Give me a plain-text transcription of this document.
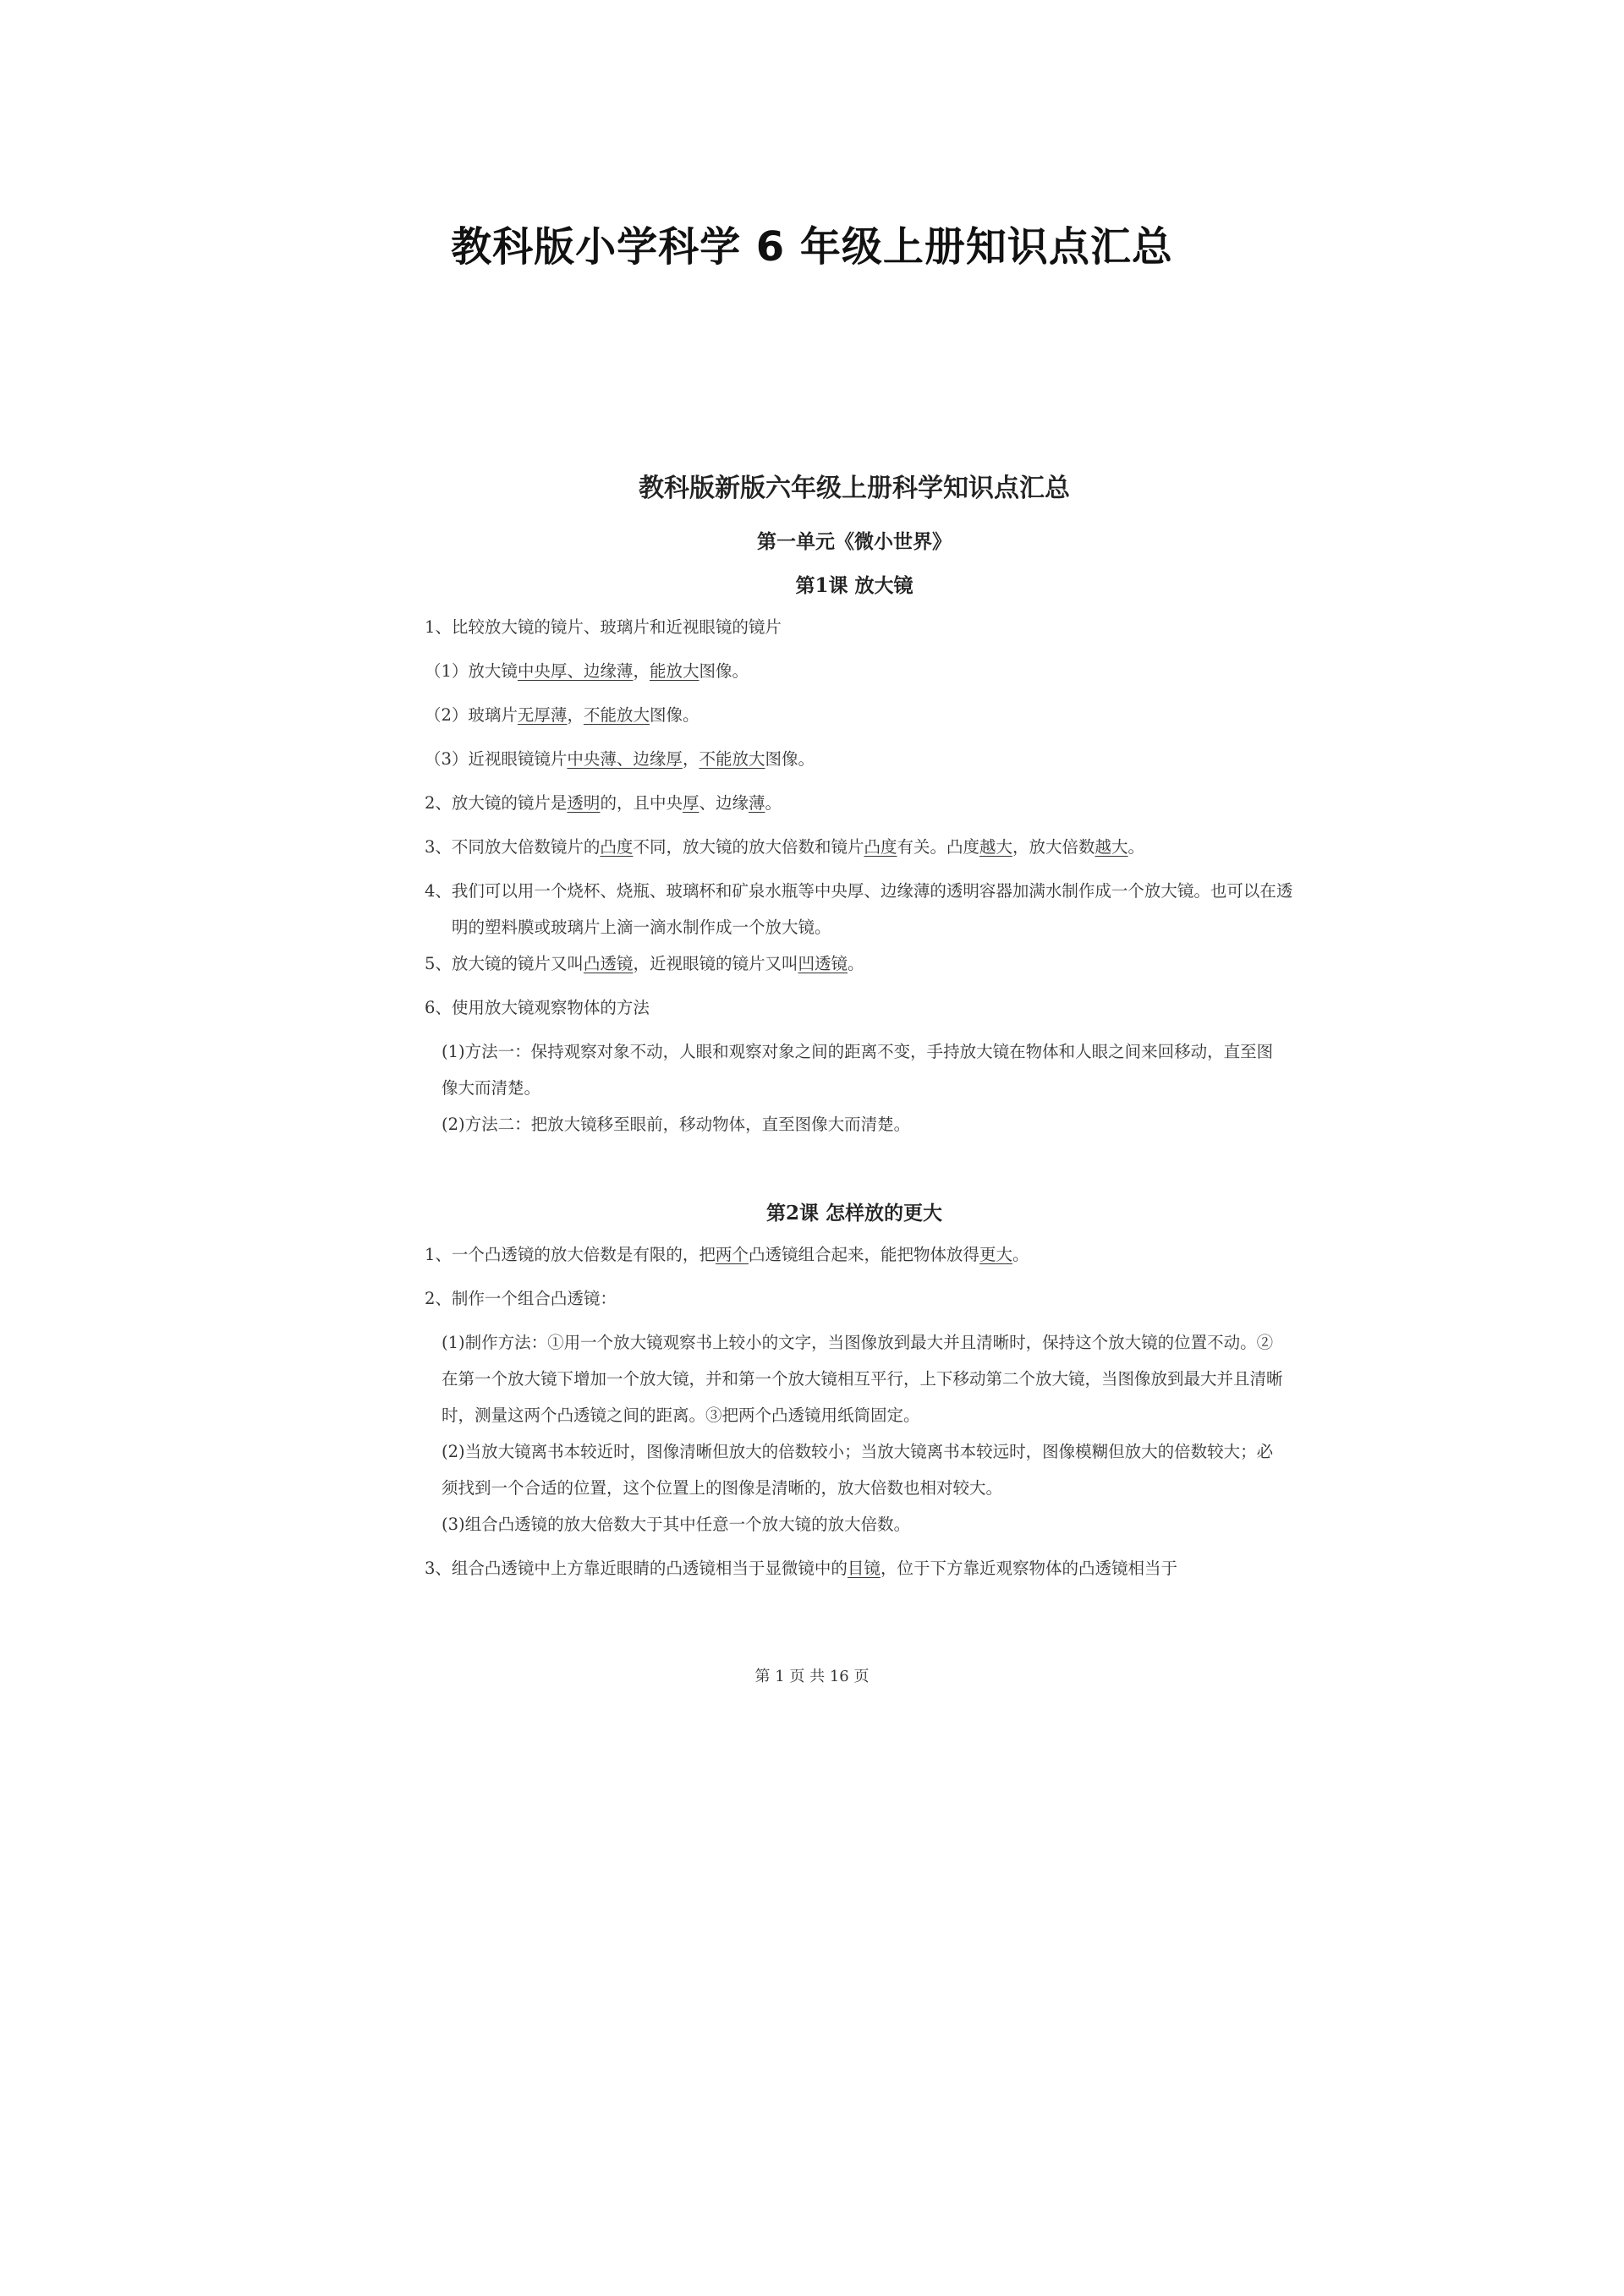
教科版小学科学 6 年级上册知识点汇总
教科版新版六年级上册科学知识点汇总
第一单元《微小世界》
第1课 放大镜
1、比较放大镜的镜片、玻璃片和近视眼镜的镜片
（1）放大镜中央厚、边缘薄，能放大图像。
（2）玻璃片无厚薄，不能放大图像。
（3）近视眼镜镜片中央薄、边缘厚，不能放大图像。
2、放大镜的镜片是透明的，且中央厚、边缘薄。
3、不同放大倍数镜片的凸度不同，放大镜的放大倍数和镜片凸度有关。凸度越大，放大倍数越大。
4、我们可以用一个烧杯、烧瓶、玻璃杯和矿泉水瓶等中央厚、边缘薄的透明容器加满水制作成一个放大镜。也可以在透明的塑料膜或玻璃片上滴一滴水制作成一个放大镜。
5、放大镜的镜片又叫凸透镜，近视眼镜的镜片又叫凹透镜。
6、使用放大镜观察物体的方法
(1)方法一：保持观察对象不动，人眼和观察对象之间的距离不变，手持放大镜在物体和人眼之间来回移动，直至图像大而清楚。
(2)方法二：把放大镜移至眼前，移动物体，直至图像大而清楚。
第2课 怎样放的更大
1、一个凸透镜的放大倍数是有限的，把两个凸透镜组合起来，能把物体放得更大。
2、制作一个组合凸透镜：
(1)制作方法：①用一个放大镜观察书上较小的文字，当图像放到最大并且清晰时，保持这个放大镜的位置不动。②在第一个放大镜下增加一个放大镜，并和第一个放大镜相互平行，上下移动第二个放大镜，当图像放到最大并且清晰时，测量这两个凸透镜之间的距离。③把两个凸透镜用纸筒固定。
(2)当放大镜离书本较近时，图像清晰但放大的倍数较小；当放大镜离书本较远时，图像模糊但放大的倍数较大；必须找到一个合适的位置，这个位置上的图像是清晰的，放大倍数也相对较大。
(3)组合凸透镜的放大倍数大于其中任意一个放大镜的放大倍数。
3、组合凸透镜中上方靠近眼睛的凸透镜相当于显微镜中的目镜，位于下方靠近观察物体的凸透镜相当于
第 1 页 共 16 页
